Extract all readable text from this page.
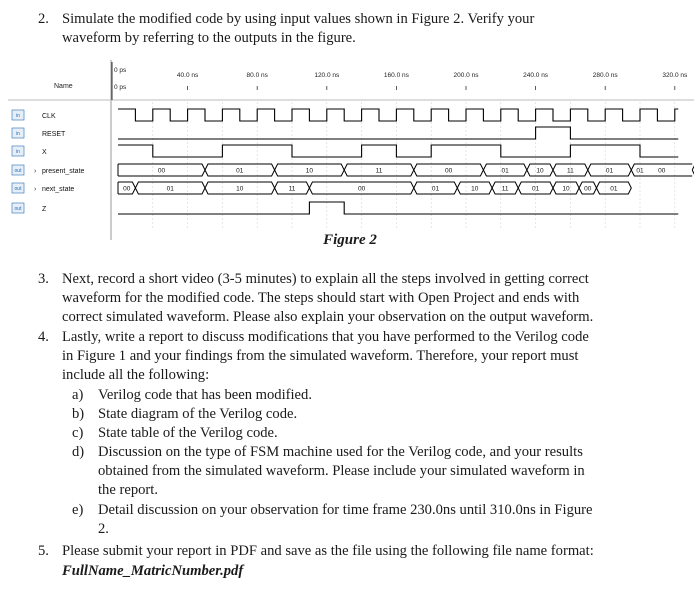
2. Simulate the modified code by using input values shown in Figure 2. Verify your
waveform by referring to the outputs in the figure.
Name
in	CLK
in	RESET
in	X
out › present_state
out › next_state
out	Z
40.0 ns	80.0 ns	120.0 ns	160.0 ns	200.0 ns	240.0 ns	280.0 ns	320.0 ns
0 ps
0 ps
00	01	10	11	00	01	10	11	01	00
00	01	10	11	00	01	10	11	01	10 00	01
01
Figure 2
3. Next, record a short video (3-5 minutes) to explain all the steps involved in getting correct
waveform for the modified code. The steps should start with Open Project and ends with
correct simulated waveform. Please also explain your observation on the output waveform.
4. Lastly, write a report to discuss modifications that you have performed to the Verilog code
in Figure 1 and your findings from the simulated waveform. Therefore, your report must
include all the following:
a) Verilog code that has been modified.
b) State diagram of the Verilog code.
c) State table of the Verilog code.
d) Discussion on the type of FSM machine used for the Verilog code, and your results
obtained from the simulated waveform. Please include your simulated waveform in
the report.
e) Detail discussion on your observation for time frame 230.0ns until 310.0ns in Figure
2.
5. Please submit your report in PDF and save as the file using the following file name format:
FullName_MatricNumber.pdf
